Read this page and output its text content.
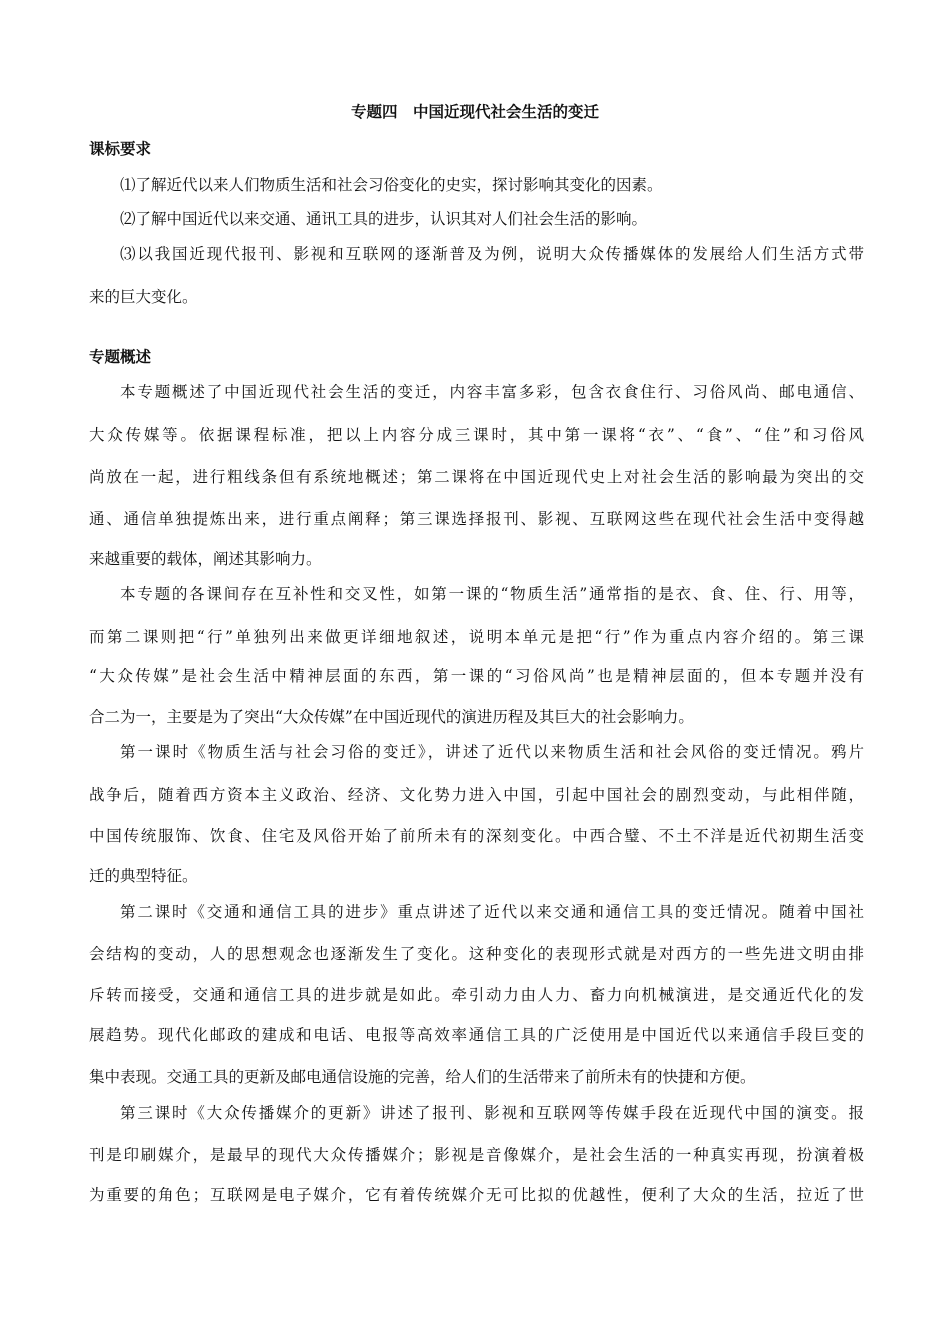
专题四　中国近现代社会生活的变迁
课标要求
⑴了解近代以来人们物质生活和社会习俗变化的史实，探讨影响其变化的因素。
⑵了解中国近代以来交通、通讯工具的进步，认识其对人们社会生活的影响。
⑶以我国近现代报刊、影视和互联网的逐渐普及为例，说明大众传播媒体的发展给人们生活方式带
来的巨大变化。
专题概述
本专题概述了中国近现代社会生活的变迁，内容丰富多彩，包含衣食住行、习俗风尚、邮电通信、
大众传媒等。依据课程标准，把以上内容分成三课时，其中第一课将“衣”、“食”、“住”和习俗风
尚放在一起，进行粗线条但有系统地概述；第二课将在中国近现代史上对社会生活的影响最为突出的交
通、通信单独提炼出来，进行重点阐释；第三课选择报刊、影视、互联网这些在现代社会生活中变得越
来越重要的载体，阐述其影响力。
本专题的各课间存在互补性和交叉性，如第一课的“物质生活”通常指的是衣、食、住、行、用等，
而第二课则把“行”单独列出来做更详细地叙述，说明本单元是把“行”作为重点内容介绍的。第三课
“大众传媒”是社会生活中精神层面的东西，第一课的“习俗风尚”也是精神层面的，但本专题并没有
合二为一，主要是为了突出“大众传媒”在中国近现代的演进历程及其巨大的社会影响力。
第一课时《物质生活与社会习俗的变迁》，讲述了近代以来物质生活和社会风俗的变迁情况。鸦片
战争后，随着西方资本主义政治、经济、文化势力进入中国，引起中国社会的剧烈变动，与此相伴随，
中国传统服饰、饮食、住宅及风俗开始了前所未有的深刻变化。中西合璧、不土不洋是近代初期生活变
迁的典型特征。
第二课时《交通和通信工具的进步》重点讲述了近代以来交通和通信工具的变迁情况。随着中国社
会结构的变动，人的思想观念也逐渐发生了变化。这种变化的表现形式就是对西方的一些先进文明由排
斥转而接受，交通和通信工具的进步就是如此。牵引动力由人力、畜力向机械演进，是交通近代化的发
展趋势。现代化邮政的建成和电话、电报等高效率通信工具的广泛使用是中国近代以来通信手段巨变的
集中表现。交通工具的更新及邮电通信设施的完善，给人们的生活带来了前所未有的快捷和方便。
第三课时《大众传播媒介的更新》讲述了报刊、影视和互联网等传媒手段在近现代中国的演变。报
刊是印刷媒介，是最早的现代大众传播媒介；影视是音像媒介，是社会生活的一种真实再现，扮演着极
为重要的角色；互联网是电子媒介，它有着传统媒介无可比拟的优越性，便利了大众的生活，拉近了世
